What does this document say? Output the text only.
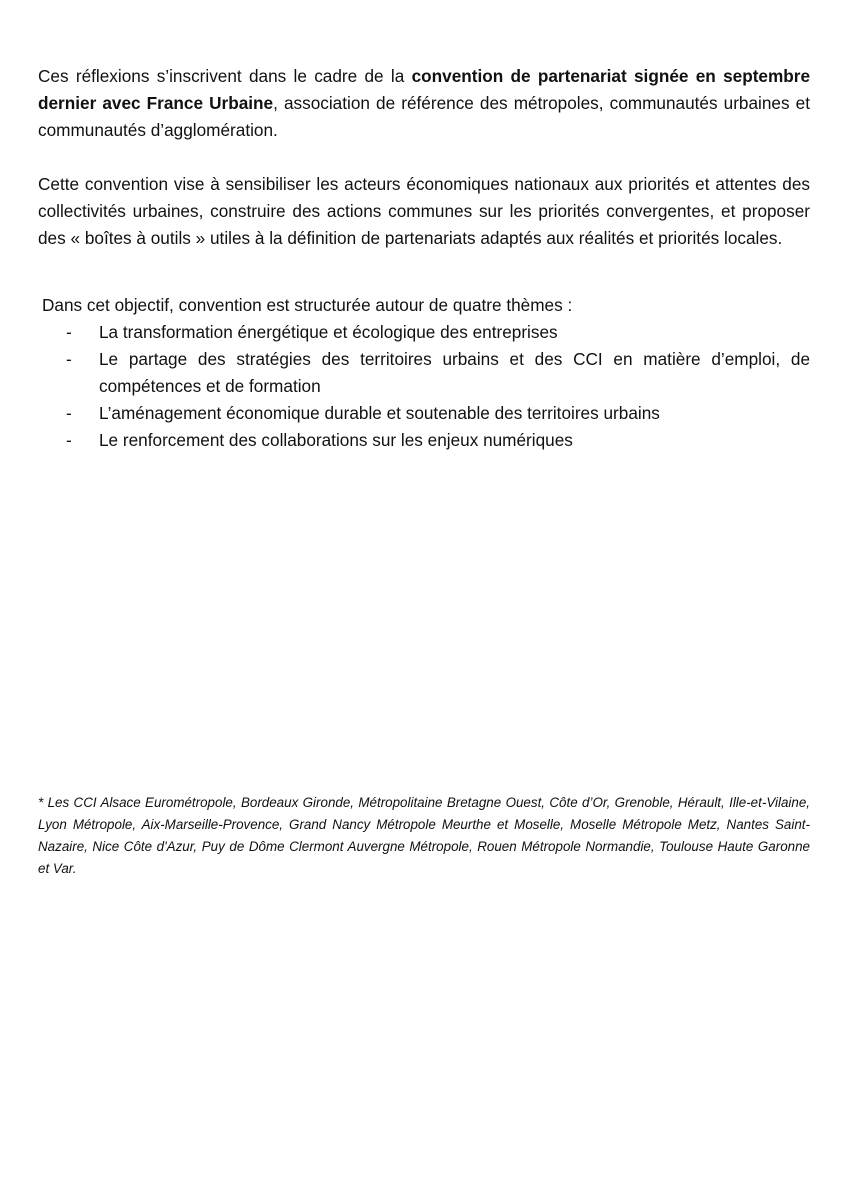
Ces réflexions s’inscrivent dans le cadre de la convention de partenariat signée en septembre dernier avec France Urbaine, association de référence des métropoles, communautés urbaines et communautés d’agglomération.

Cette convention vise à sensibiliser les acteurs économiques nationaux aux priorités et attentes des collectivités urbaines, construire des actions communes sur les priorités convergentes, et proposer des « boîtes à outils » utiles à la définition de partenariats adaptés aux réalités et priorités locales.

Dans cet objectif, convention est structurée autour de quatre thèmes :
- La transformation énergétique et écologique des entreprises
- Le partage des stratégies des territoires urbains et des CCI en matière d’emploi, de compétences et de formation
- L’aménagement économique durable et soutenable des territoires urbains
- Le renforcement des collaborations sur les enjeux numériques

* Les CCI Alsace Eurométropole, Bordeaux Gironde, Métropolitaine Bretagne Ouest, Côte d’Or, Grenoble, Hérault, Ille-et-Vilaine, Lyon Métropole, Aix-Marseille-Provence, Grand Nancy Métropole Meurthe et Moselle, Moselle Métropole Metz, Nantes Saint-Nazaire, Nice Côte d'Azur, Puy de Dôme Clermont Auvergne Métropole, Rouen Métropole Normandie, Toulouse Haute Garonne et Var.
